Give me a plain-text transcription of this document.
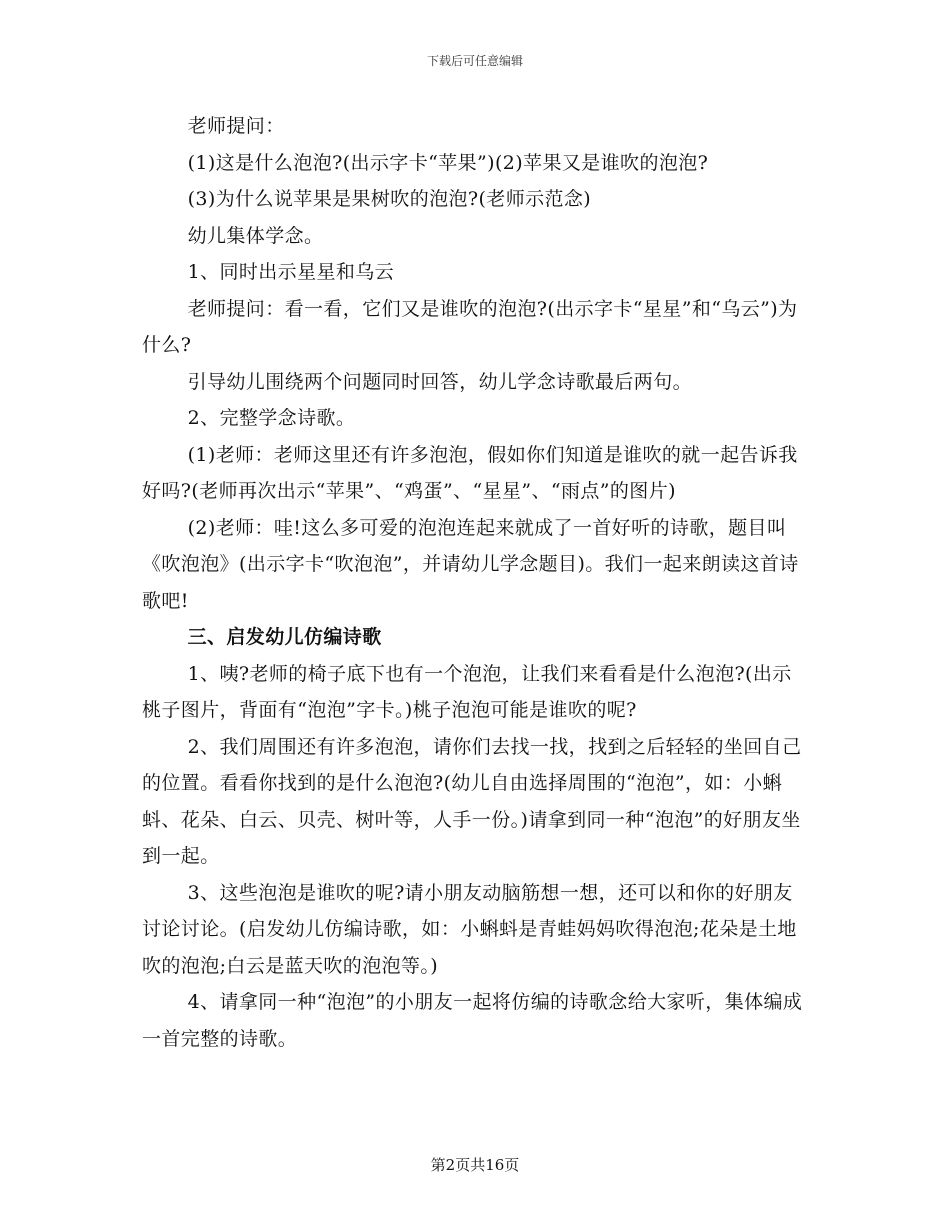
下载后可任意编辑

老师提问：

(1)这是什么泡泡?(出示字卡“苹果”)(2)苹果又是谁吹的泡泡?

(3)为什么说苹果是果树吹的泡泡?(老师示范念)

幼儿集体学念。

1、同时出示星星和乌云

老师提问：看一看，它们又是谁吹的泡泡?(出示字卡“星星”和“乌云”)为什么?

引导幼儿围绕两个问题同时回答，幼儿学念诗歌最后两句。

2、完整学念诗歌。

(1)老师：老师这里还有许多泡泡，假如你们知道是谁吹的就一起告诉我好吗?(老师再次出示“苹果”、“鸡蛋”、“星星”、“雨点”的图片)

(2)老师：哇!这么多可爱的泡泡连起来就成了一首好听的诗歌，题目叫《吹泡泡》(出示字卡“吹泡泡”，并请幼儿学念题目)。我们一起来朗读这首诗歌吧!

三、启发幼儿仿编诗歌

1、咦?老师的椅子底下也有一个泡泡，让我们来看看是什么泡泡?(出示桃子图片，背面有“泡泡”字卡。)桃子泡泡可能是谁吹的呢?

2、我们周围还有许多泡泡，请你们去找一找，找到之后轻轻的坐回自己的位置。看看你找到的是什么泡泡?(幼儿自由选择周围的“泡泡”，如：小蝌蚪、花朵、白云、贝壳、树叶等，人手一份。)请拿到同一种“泡泡”的好朋友坐到一起。

3、这些泡泡是谁吹的呢?请小朋友动脑筋想一想，还可以和你的好朋友讨论讨论。(启发幼儿仿编诗歌，如：小蝌蚪是青蛙妈妈吹得泡泡;花朵是土地吹的泡泡;白云是蓝天吹的泡泡等。)

4、请拿同一种“泡泡”的小朋友一起将仿编的诗歌念给大家听，集体编成一首完整的诗歌。

第2页共16页
